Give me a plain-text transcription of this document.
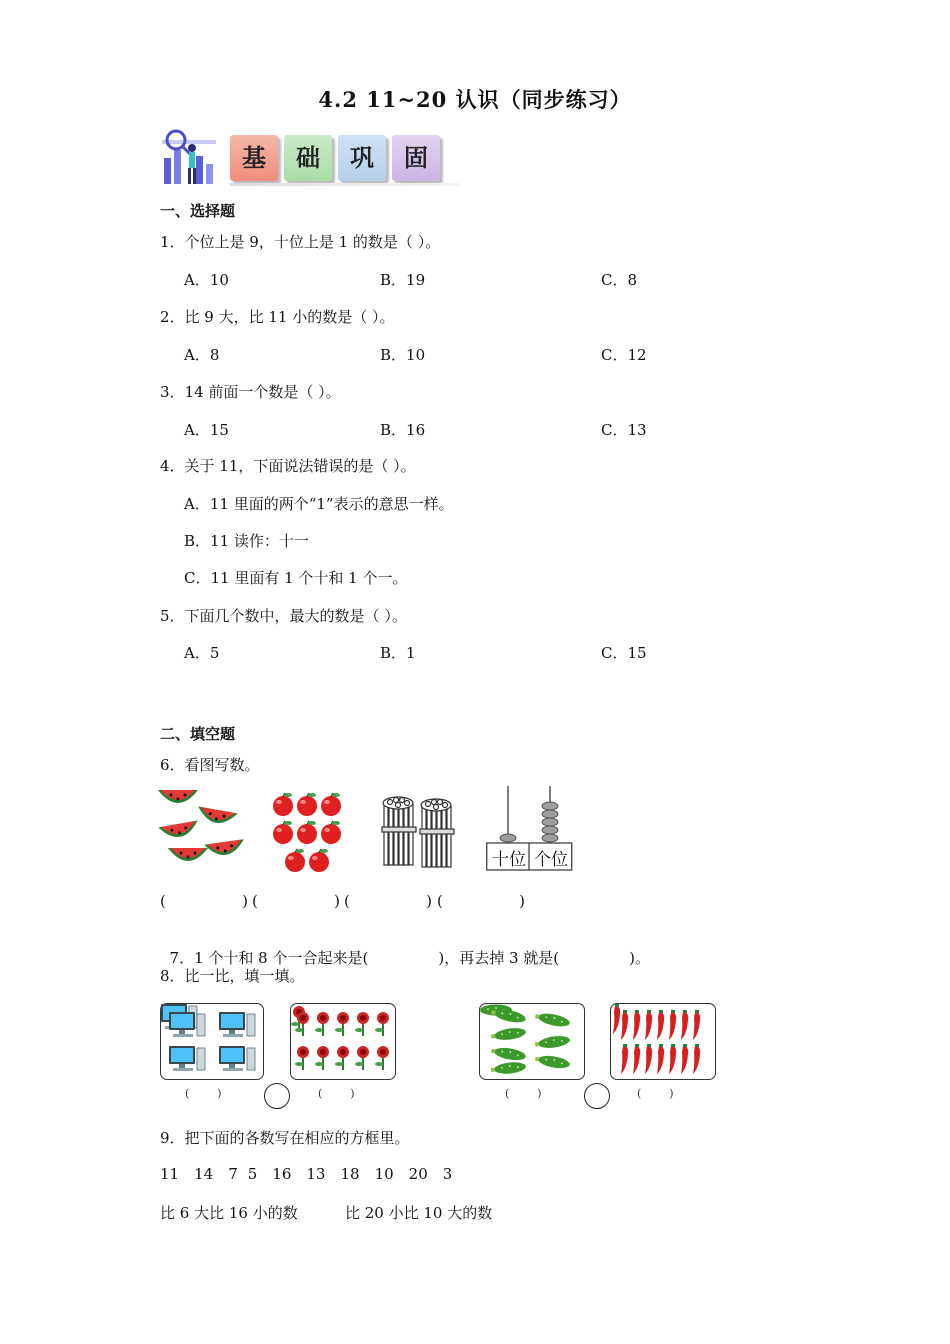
4.2 11~20 认识（同步练习）
基	础	巩	固
一、选择题
1．个位上是 9，十位上是 1 的数是（ ）。
A．10	B．19	C．8
2．比 9 大，比 11 小的数是（ ）。
A．8	B．10	C．12
3．14 前面一个数是（ ）。
A．15	B．16	C．13
4．关于 11，下面说法错误的是（ ）。
A．11 里面的两个“1”表示的意思一样。
B．11 读作：十一
C．11 里面有 1 个十和 1 个一。
5．下面几个数中，最大的数是（ ）。
A．5	B．1	C．15
二、填空题
6．看图写数。
十位 个位
(                ) (                ) (                ) (                )

7．1 个十和 8 个一合起来是(	)，再去掉 3 就是(	)。

8．比一比，填一填。
(        )	(        )	(        )	(        )
9．把下面的各数写在相应的方框里。
11 14 7 5 16 13 18 10 20 3
比 6 大比 16 小的数	比 20 小比 10 大的数
